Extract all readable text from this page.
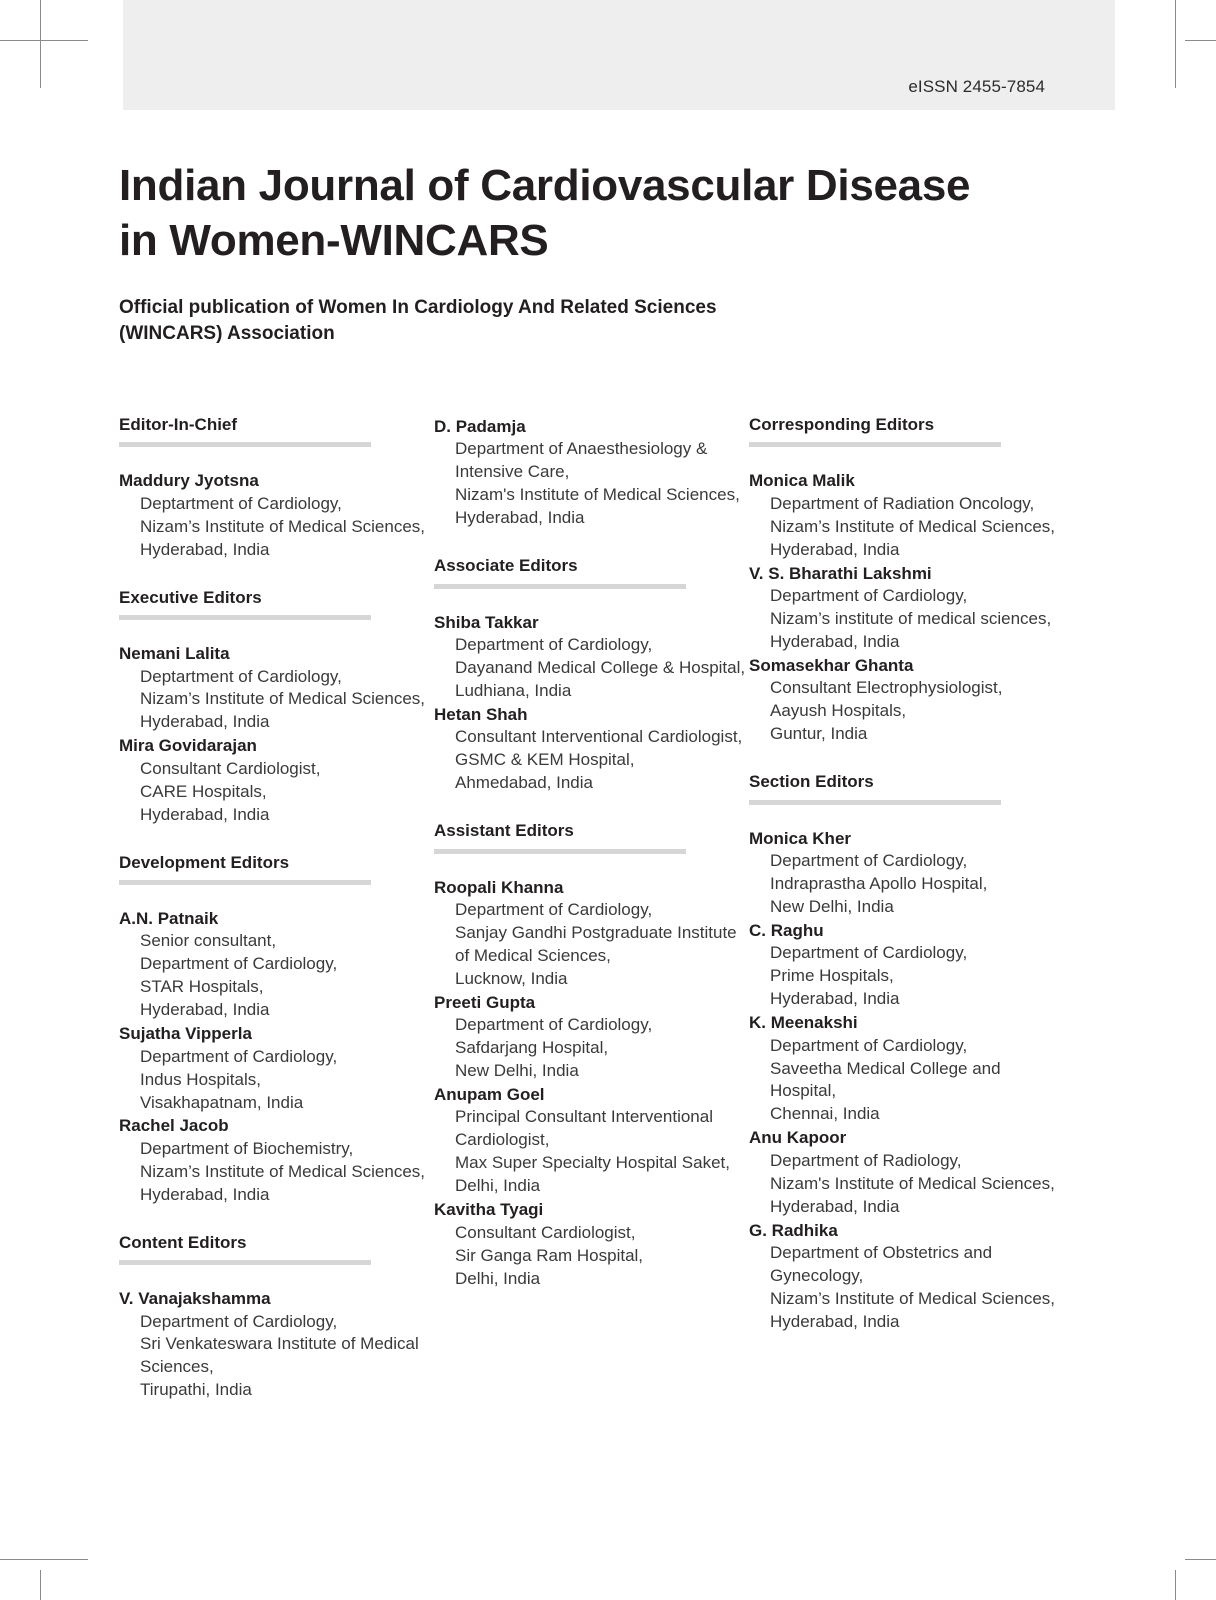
eISSN 2455-7854
Indian Journal of Cardiovascular Disease
in Women-WINCARS

Official publication of Women In Cardiology And Related Sciences
(WINCARS) Association

Editor-In-Chief
Maddury Jyotsna
Deptartment of Cardiology,
Nizam’s Institute of Medical Sciences,
Hyderabad, India
Executive Editors
Nemani Lalita
Deptartment of Cardiology,
Nizam’s Institute of Medical Sciences,
Hyderabad, India
Mira Govidarajan
Consultant Cardiologist,
CARE Hospitals,
Hyderabad, India
Development Editors
A.N. Patnaik
Senior consultant,
Department of Cardiology,
STAR Hospitals,
Hyderabad, India
Sujatha Vipperla
Department of Cardiology,
Indus Hospitals,
Visakhapatnam, India
Rachel Jacob
Department of Biochemistry,
Nizam’s Institute of Medical Sciences,
Hyderabad, India
Content Editors
V. Vanajakshamma
Department of Cardiology,
Sri Venkateswara Institute of Medical
Sciences,
Tirupathi, India
D. Padamja
Department of Anaesthesiology &
Intensive Care,
Nizam's Institute of Medical Sciences,
Hyderabad, India
Associate Editors
Shiba Takkar
Department of Cardiology,
Dayanand Medical College & Hospital,
Ludhiana, India
Hetan Shah
Consultant Interventional Cardiologist,
GSMC & KEM Hospital,
Ahmedabad, India
Assistant Editors
Roopali Khanna
Department of Cardiology,
Sanjay Gandhi Postgraduate Institute
of Medical Sciences,
Lucknow, India
Preeti Gupta
Department of Cardiology,
Safdarjang Hospital,
New Delhi, India
Anupam Goel
Principal Consultant Interventional
Cardiologist,
Max Super Specialty Hospital Saket,
Delhi, India
Kavitha Tyagi
Consultant Cardiologist,
Sir Ganga Ram Hospital,
Delhi, India
Corresponding Editors
Monica Malik
Department of Radiation Oncology,
Nizam’s Institute of Medical Sciences,
Hyderabad, India
V. S. Bharathi Lakshmi
Department of Cardiology,
Nizam’s institute of medical sciences,
Hyderabad, India
Somasekhar Ghanta
Consultant Electrophysiologist,
Aayush Hospitals,
Guntur, India
Section Editors
Monica Kher
Department of Cardiology,
Indraprastha Apollo Hospital,
New Delhi, India
C. Raghu
Department of Cardiology,
Prime Hospitals,
Hyderabad, India
K. Meenakshi
Department of Cardiology,
Saveetha Medical College and
Hospital,
Chennai, India
Anu Kapoor
Department of Radiology,
Nizam's Institute of Medical Sciences,
Hyderabad, India
G. Radhika
Department of Obstetrics and
Gynecology,
Nizam’s Institute of Medical Sciences,
Hyderabad, India
